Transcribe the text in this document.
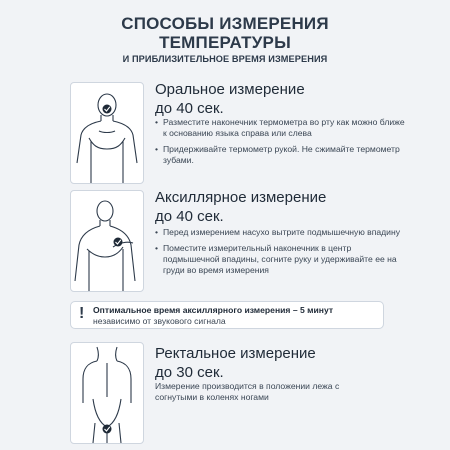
СПОСОБЫ ИЗМЕРЕНИЯ
ТЕМПЕРАТУРЫ
И ПРИБЛИЗИТЕЛЬНОЕ ВРЕМЯ ИЗМЕРЕНИЯ
Оральное измерение
до 40 сек.
• Разместите наконечник термометра во рту как можно ближе к основанию языка справа или слева
• Придерживайте термометр рукой. Не сжимайте термометр зубами.
Аксиллярное измерение
до 40 сек.
• Перед измерением насухо вытрите подмышечную впадину
• Поместите измерительный наконечник в центр подмышечной впадины, согните руку и удерживайте ее на груди во время измерения
! Оптимальное время аксиллярного измерения – 5 минут
независимо от звукового сигнала
Ректальное измерение
до 30 сек.
Измерение производится в положении лежа с согнутыми в коленях ногами
